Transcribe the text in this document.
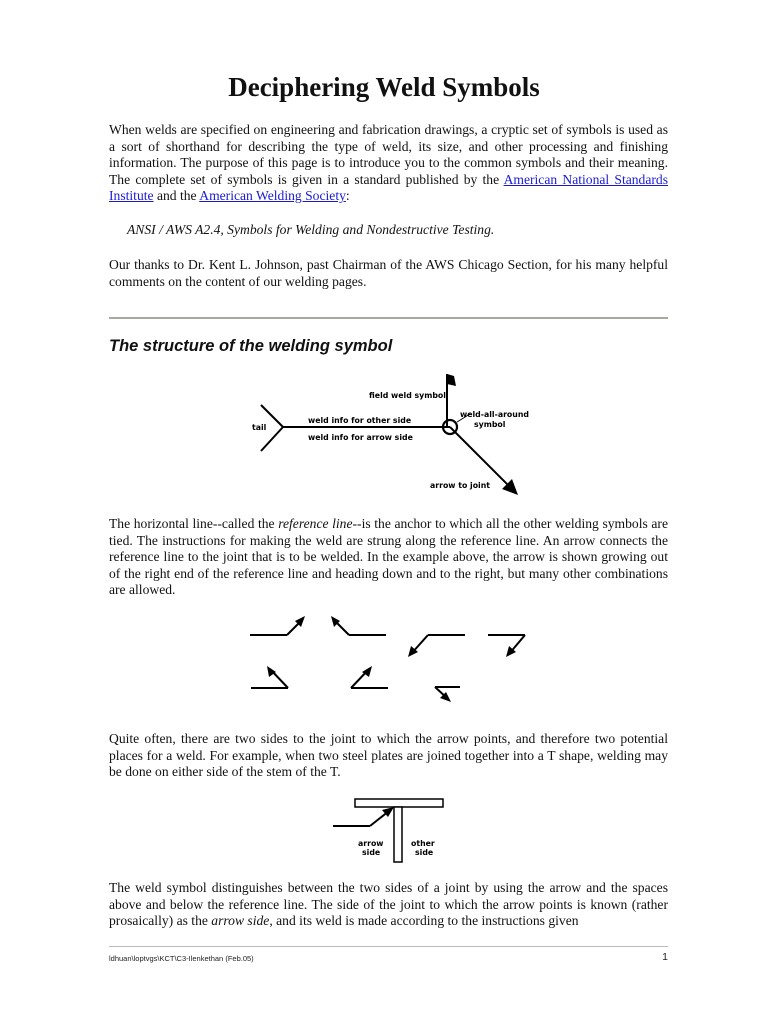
Deciphering Weld Symbols

When welds are specified on engineering and fabrication drawings, a cryptic set of symbols is used as a sort of shorthand for describing the type of weld, its size, and other processing and finishing information. The purpose of this page is to introduce you to the common symbols and their meaning. The complete set of symbols is given in a standard published by the American National Standards Institute and the American Welding Society:

ANSI / AWS A2.4, Symbols for Welding and Nondestructive Testing.

Our thanks to Dr. Kent L. Johnson, past Chairman of the AWS Chicago Section, for his many helpful comments on the content of our welding pages.

The structure of the welding symbol
field weld symbol
weld-all-around
symbol
tail
weld info for other side
weld info for arrow side
arrow to joint

The horizontal line--called the reference line--is the anchor to which all the other welding symbols are tied. The instructions for making the weld are strung along the reference line. An arrow connects the reference line to the joint that is to be welded. In the example above, the arrow is shown growing out of the right end of the reference line and heading down and to the right, but many other combinations are allowed.

Quite often, there are two sides to the joint to which the arrow points, and therefore two potential places for a weld. For example, when two steel plates are joined together into a T shape, welding may be done on either side of the stem of the T.

arrow
side
other
side

The weld symbol distinguishes between the two sides of a joint by using the arrow and the spaces above and below the reference line. The side of the joint to which the arrow points is known (rather prosaically) as the arrow side, and its weld is made according to the instructions given

ldhuan\loptvgs\KCT\C3-Ilenkethan (Feb.05)	1
